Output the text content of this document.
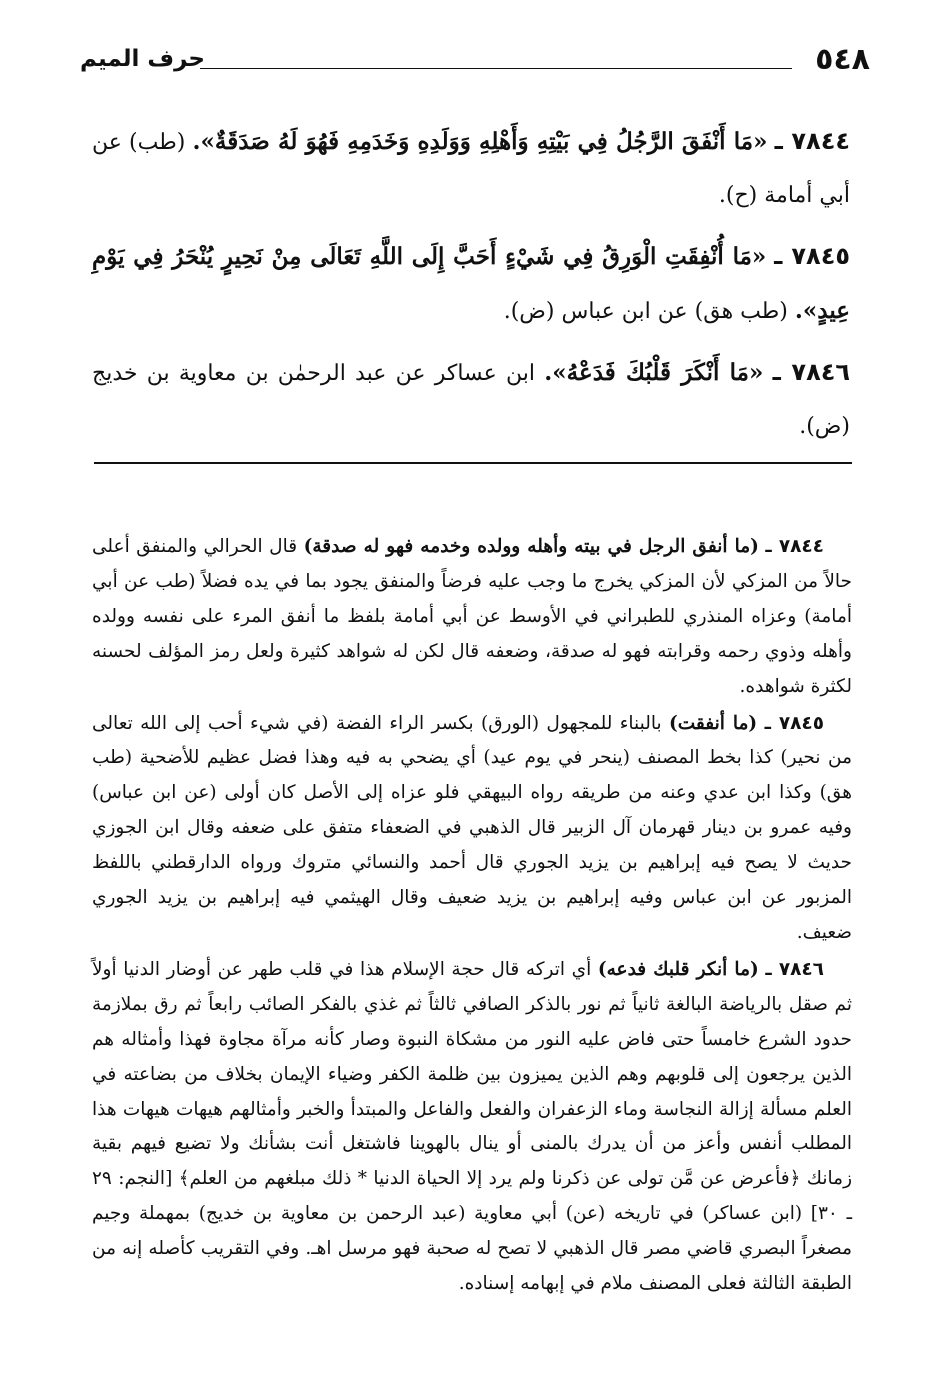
٥٤٨
حرف الميم

٧٨٤٤ ـ «مَا أَنْفَقَ الرَّجُلُ فِي بَيْتِهِ وَأَهْلِهِ وَوَلَدِهِ وَخَدَمِهِ فَهُوَ لَهُ صَدَقَةٌ». (طب) عن أبي أمامة (ح).

٧٨٤٥ ـ «مَا أُنْفِقَتِ الْوَرِقُ فِي شَيْءٍ أَحَبَّ إِلَى اللَّهِ تَعَالَى مِنْ نَحِيرٍ يُنْحَرُ فِي يَوْمِ عِيدٍ». (طب هق) عن ابن عباس (ض).

٧٨٤٦ ـ «مَا أَنْكَرَ قَلْبُكَ فَدَعْهُ». ابن عساكر عن عبد الرحمٰن بن معاوية بن خديج (ض).

٧٨٤٤ ـ (ما أنفق الرجل في بيته وأهله وولده وخدمه فهو له صدقة) قال الحرالي والمنفق أعلى حالاً من المزكي لأن المزكي يخرج ما وجب عليه فرضاً والمنفق يجود بما في يده فضلاً (طب عن أبي أمامة) وعزاه المنذري للطبراني في الأوسط عن أبي أمامة بلفظ ما أنفق المرء على نفسه وولده وأهله وذوي رحمه وقرابته فهو له صدقة، وضعفه قال لكن له شواهد كثيرة ولعل رمز المؤلف لحسنه لكثرة شواهده.

٧٨٤٥ ـ (ما أنفقت) بالبناء للمجهول (الورق) بكسر الراء الفضة (في شيء أحب إلى الله تعالى من نحير) كذا بخط المصنف (ينحر في يوم عيد) أي يضحي به فيه وهذا فضل عظيم للأضحية (طب هق) وكذا ابن عدي وعنه من طريقه رواه البيهقي فلو عزاه إلى الأصل كان أولى (عن ابن عباس) وفيه عمرو بن دينار قهرمان آل الزبير قال الذهبي في الضعفاء متفق على ضعفه وقال ابن الجوزي حديث لا يصح فيه إبراهيم بن يزيد الجوري قال أحمد والنسائي متروك ورواه الدارقطني باللفظ المزبور عن ابن عباس وفيه إبراهيم بن يزيد ضعيف وقال الهيثمي فيه إبراهيم بن يزيد الجوري ضعيف.

٧٨٤٦ ـ (ما أنكر قلبك فدعه) أي اتركه قال حجة الإسلام هذا في قلب طهر عن أوضار الدنيا أولاً ثم صقل بالرياضة البالغة ثانياً ثم نور بالذكر الصافي ثالثاً ثم غذي بالفكر الصائب رابعاً ثم رق بملازمة حدود الشرع خامساً حتى فاض عليه النور من مشكاة النبوة وصار كأنه مرآة مجاوة فهذا وأمثاله هم الذين يرجعون إلى قلوبهم وهم الذين يميزون بين ظلمة الكفر وضياء الإيمان بخلاف من بضاعته في العلم مسألة إزالة النجاسة وماء الزعفران والفعل والفاعل والمبتدأ والخبر وأمثالهم هيهات هيهات هذا المطلب أنفس وأعز من أن يدرك بالمنى أو ينال بالهوينا فاشتغل أنت بشأنك ولا تضيع فيهم بقية زمانك ﴿فأعرض عن مَّن تولى عن ذكرنا ولم يرد إلا الحياة الدنيا * ذلك مبلغهم من العلم﴾ [النجم: ٢٩ ـ ٣٠] (ابن عساكر) في تاريخه (عن) أبي معاوية (عبد الرحمن بن معاوية بن خديج) بمهملة وجيم مصغراً البصري قاضي مصر قال الذهبي لا تصح له صحبة فهو مرسل اهـ. وفي التقريب كأصله إنه من الطبقة الثالثة فعلى المصنف ملام في إبهامه إسناده.
